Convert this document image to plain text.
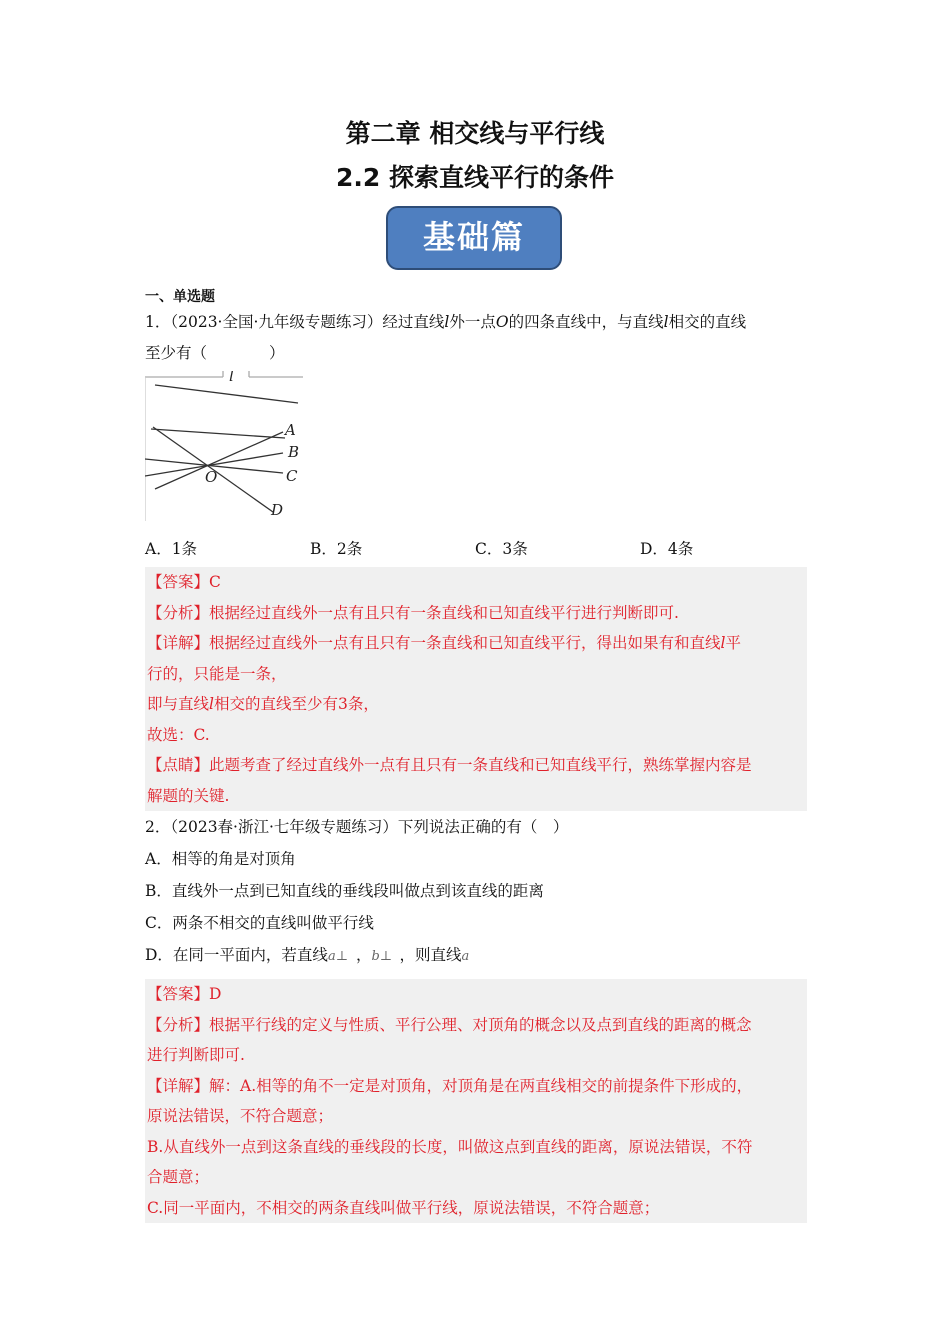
第二章 相交线与平行线
2.2 探索直线平行的条件
基础篇
一、单选题
1．（2023·全国·九年级专题练习）经过直线l外一点O的四条直线中，与直线l相交的直线
至少有（　　　　）
l
A
B
C
D
O
A．1条	B．2条	C．3条	D．4条
【答案】C
【分析】根据经过直线外一点有且只有一条直线和已知直线平行进行判断即可.
【详解】根据经过直线外一点有且只有一条直线和已知直线平行，得出如果有和直线l平
行的，只能是一条，
即与直线l相交的直线至少有3条，
故选：C.
【点睛】此题考查了经过直线外一点有且只有一条直线和已知直线平行，熟练掌握内容是
解题的关键.
2．（2023春·浙江·七年级专题练习）下列说法正确的有（　）
A．相等的角是对顶角
B．直线外一点到已知直线的垂线段叫做点到该直线的距离
C．两条不相交的直线叫做平行线
D．在同一平面内，若直线a⊥ ，b⊥ ，则直线a
【答案】D
【分析】根据平行线的定义与性质、平行公理、对顶角的概念以及点到直线的距离的概念
进行判断即可.
【详解】解：A.相等的角不一定是对顶角，对顶角是在两直线相交的前提条件下形成的，
原说法错误，不符合题意；
B.从直线外一点到这条直线的垂线段的长度，叫做这点到直线的距离，原说法错误，不符
合题意；
C.同一平面内，不相交的两条直线叫做平行线，原说法错误，不符合题意；
